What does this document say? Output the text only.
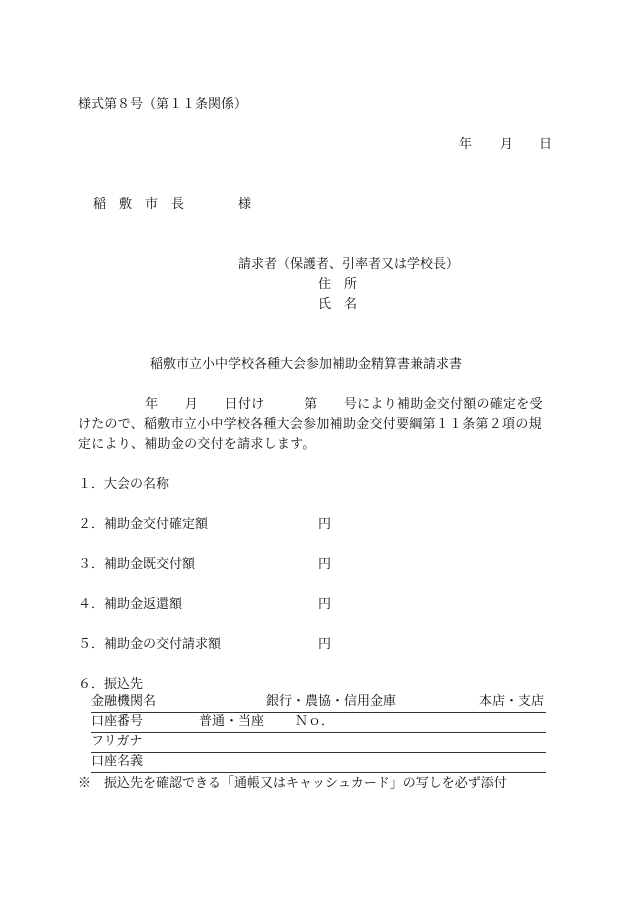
様式第８号（第１１条関係）
年 月 日
稲　敷　市　長	様
請求者（保護者、引率者又は学校長）
住　所
氏　名
稲敷市立小中学校各種大会参加補助金精算書兼請求書
年　　月　　日付け　　　第　　号により補助金交付額の確定を受
けたので、稲敷市立小中学校各種大会参加補助金交付要綱第１１条第２項の規
定により、補助金の交付を請求します。
１．大会の名称
２．補助金交付確定額	円
３．補助金既交付額	円
４．補助金返還額	円
５．補助金の交付請求額	円
６．振込先
金融機関名	銀行・農協・信用金庫	本店・支店
口座番号	普通・当座 Ｎｏ．
フリガナ
口座名義
※　振込先を確認できる「通帳又はキャッシュカード」の写しを必ず添付
